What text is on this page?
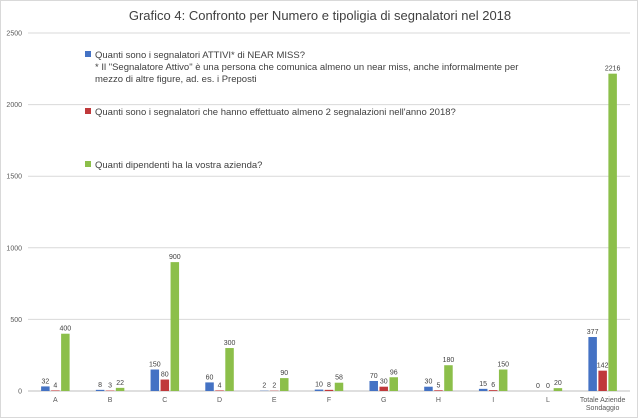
Grafico 4: Confronto per Numero e tipoligia di segnalatori nel 2018
0
500
1000
1500
2000
2500
32
4
400
A
8 3 22
B
150
80
900
C
60
4
300
D
2 2
90
E
10 8
58
F
70
30
96
G
30
5
180
H
15 6
150
I
0 0 20
L
377
142
2216
Totale Aziende Sondaggio
Quanti sono i segnalatori ATTIVI* di NEAR MISS?
* Il "Segnalatore Attivo" è una persona che comunica almeno un near miss, anche informalmente per
mezzo di altre figure, ad. es. i Preposti
Quanti sono i segnalatori che hanno effettuato almeno 2 segnalazioni nell'anno 2018?
Quanti dipendenti ha la vostra azienda?
